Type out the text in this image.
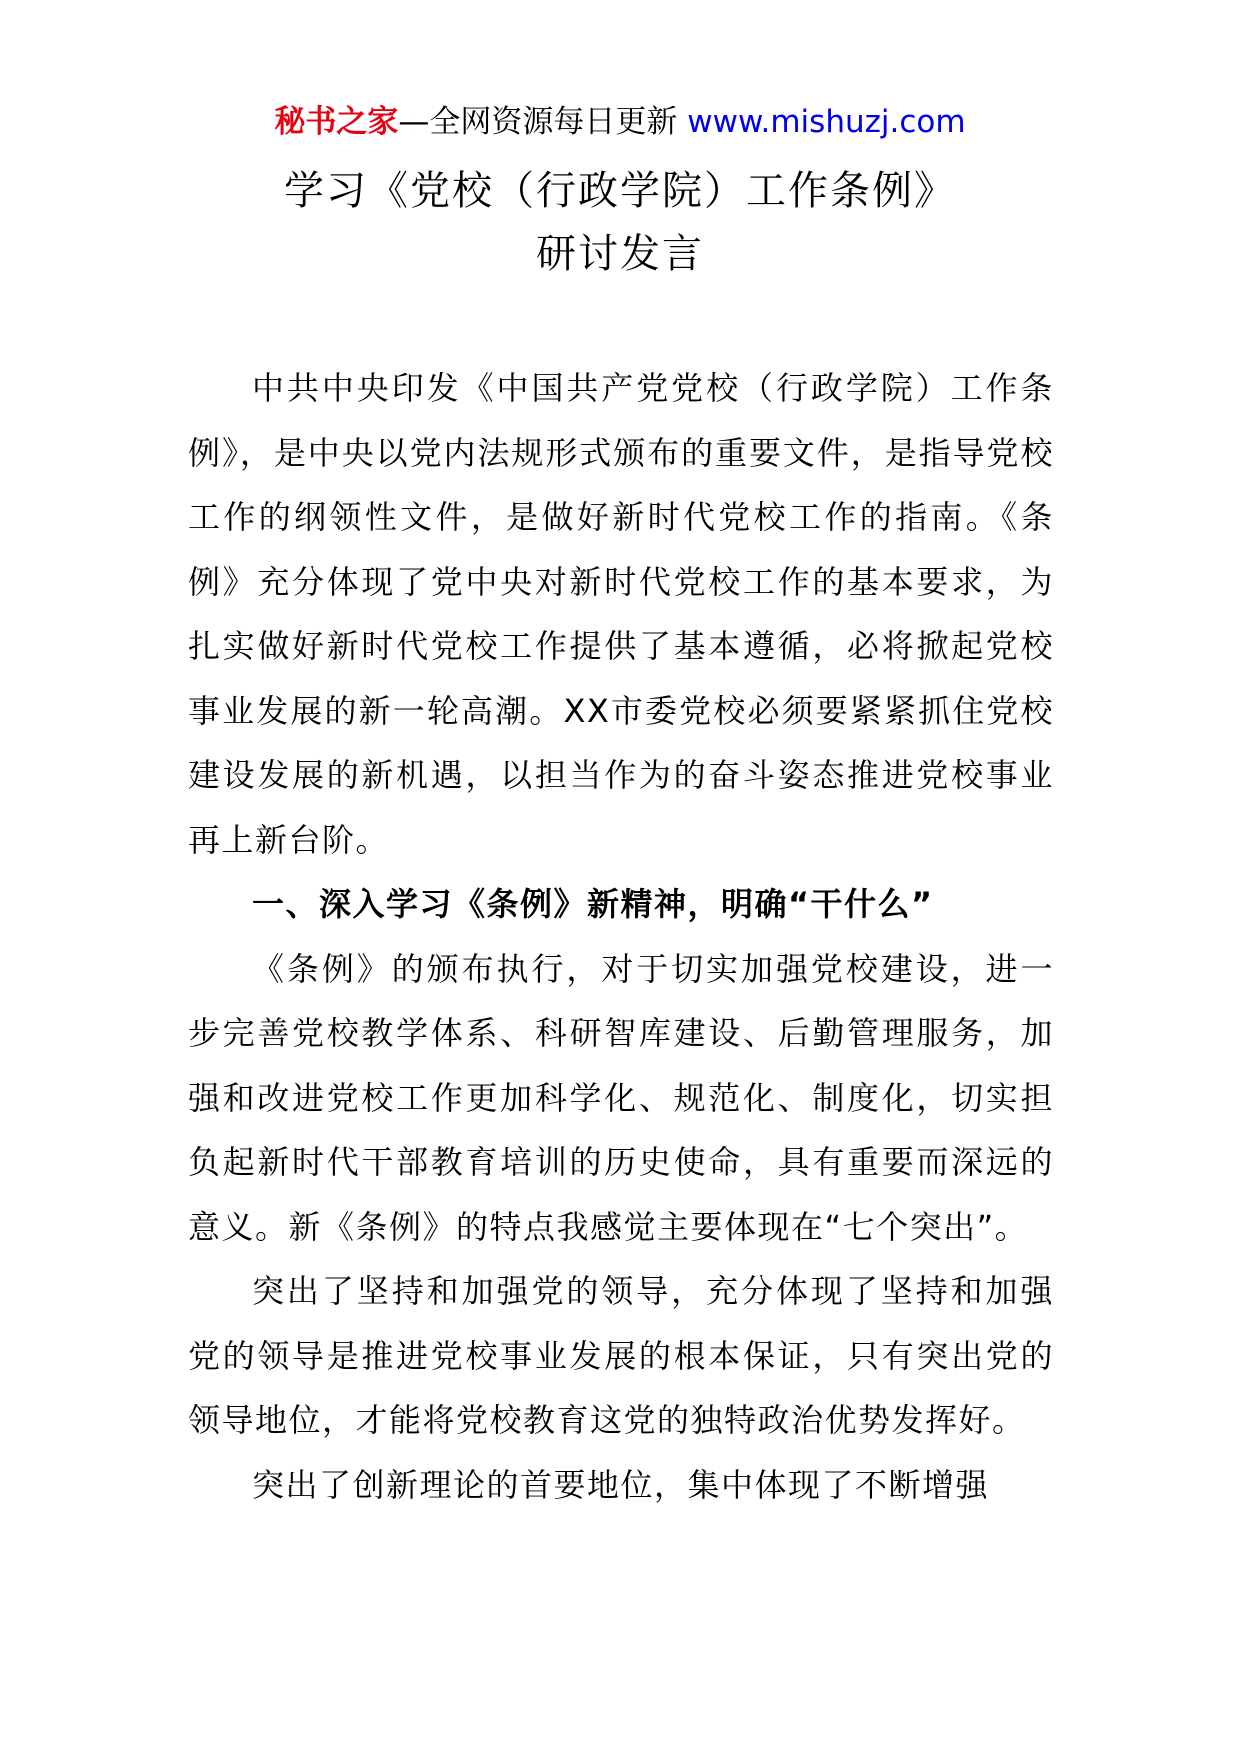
秘书之家—全网资源每日更新 www.mishuzj.com
学习《党校（行政学院）工作条例》
研讨发言

中共中央印发《中国共产党党校（行政学院）工作条例》，是中央以党内法规形式颁布的重要文件，是指导党校工作的纲领性文件，是做好新时代党校工作的指南。《条例》充分体现了党中央对新时代党校工作的基本要求，为扎实做好新时代党校工作提供了基本遵循，必将掀起党校事业发展的新一轮高潮。XX市委党校必须要紧紧抓住党校建设发展的新机遇，以担当作为的奋斗姿态推进党校事业再上新台阶。

一、深入学习《条例》新精神，明确“干什么”

《条例》的颁布执行，对于切实加强党校建设，进一步完善党校教学体系、科研智库建设、后勤管理服务，加强和改进党校工作更加科学化、规范化、制度化，切实担负起新时代干部教育培训的历史使命，具有重要而深远的意义。新《条例》的特点我感觉主要体现在“七个突出”。

突出了坚持和加强党的领导，充分体现了坚持和加强党的领导是推进党校事业发展的根本保证，只有突出党的领导地位，才能将党校教育这党的独特政治优势发挥好。

突出了创新理论的首要地位，集中体现了不断增强
